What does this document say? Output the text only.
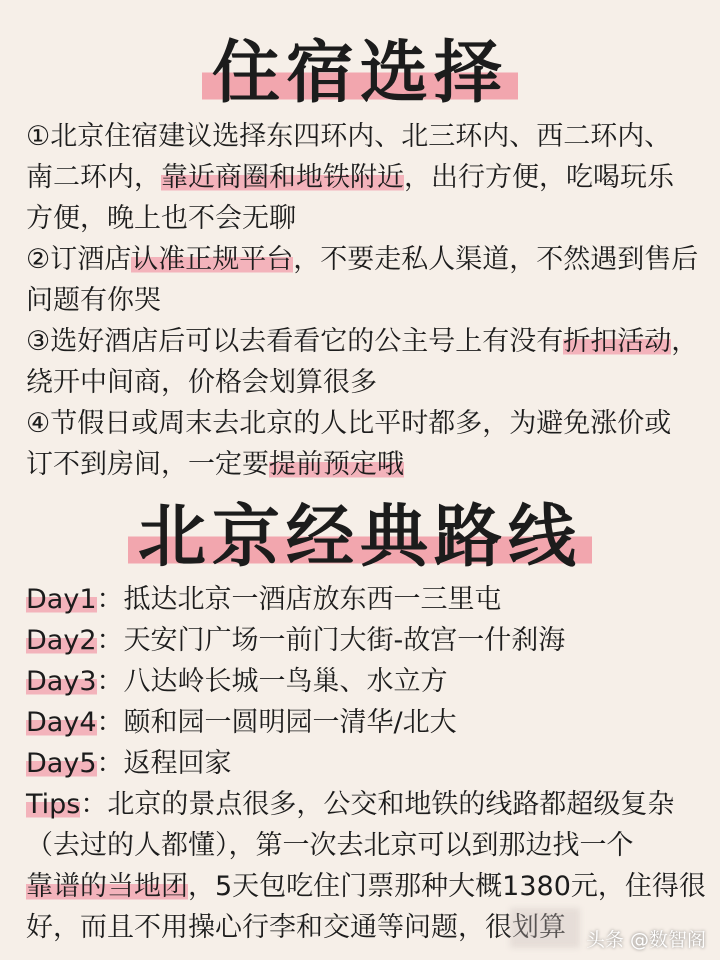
住宿选择
①北京住宿建议选择东四环内、北三环内、西二环内、
南二环内，靠近商圈和地铁附近，出行方便，吃喝玩乐
方便，晚上也不会无聊
②订酒店认准正规平台，不要走私人渠道，不然遇到售后
问题有你哭
③选好酒店后可以去看看它的公主号上有没有折扣活动，
绕开中间商，价格会划算很多
④节假日或周末去北京的人比平时都多，为避免涨价或
订不到房间，一定要提前预定哦
北京经典路线
Day1：抵达北京一酒店放东西一三里屯
Day2：天安门广场一前门大街-故宫一什刹海
Day3：八达岭长城一鸟巢、水立方
Day4：颐和园一圆明园一清华/北大
Day5：返程回家
Tips：北京的景点很多，公交和地铁的线路都超级复杂
（去过的人都懂），第一次去北京可以到那边找一个
靠谱的当地团，5天包吃住门票那种大概1380元，住得很
好，而且不用操心行李和交通等问题，很划算	头条 @数智阁
